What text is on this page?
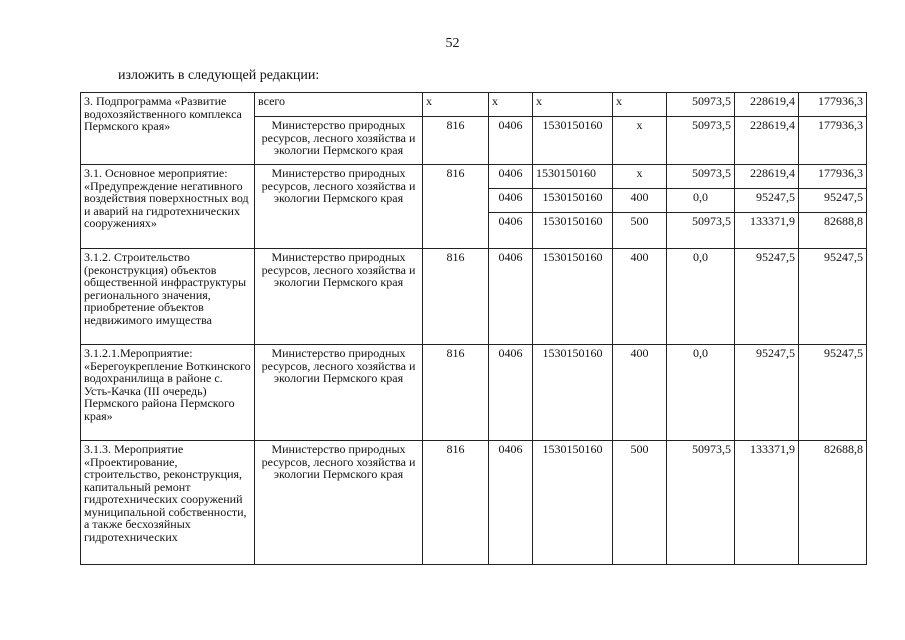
52
изложить в следующей редакции:
3. Подпрограмма «Развитие водохозяйственного комплекса Пермского края»	всего	х	х	х	х	50973,5	228619,4	177936,3
	Министерство природных ресурсов, лесного хозяйства и экологии Пермского края	816	0406	1530150160	х	50973,5	228619,4	177936,3
3.1. Основное мероприятие: «Предупреждение негативного воздействия поверхностных вод и аварий на гидротехнических сооружениях»	Министерство природных ресурсов, лесного хозяйства и экологии Пермского края	816	0406	1530150160	х	50973,5	228619,4	177936,3
			0406	1530150160	400	0,0	95247,5	95247,5
			0406	1530150160	500	50973,5	133371,9	82688,8
3.1.2. Строительство (реконструкция) объектов общественной инфраструктуры регионального значения, приобретение объектов недвижимого имущества	Министерство природных ресурсов, лесного хозяйства и экологии Пермского края	816	0406	1530150160	400	0,0	95247,5	95247,5
3.1.2.1.Мероприятие: «Берегоукрепление Воткинского водохранилища в районе с. Усть-Качка (III очередь) Пермского района Пермского края»	Министерство природных ресурсов, лесного хозяйства и экологии Пермского края	816	0406	1530150160	400	0,0	95247,5	95247,5
3.1.3. Мероприятие «Проектирование, строительство, реконструкция, капитальный ремонт гидротехнических сооружений муниципальной собственности, а также бесхозяйных гидротехнических	Министерство природных ресурсов, лесного хозяйства и экологии Пермского края	816	0406	1530150160	500	50973,5	133371,9	82688,8
